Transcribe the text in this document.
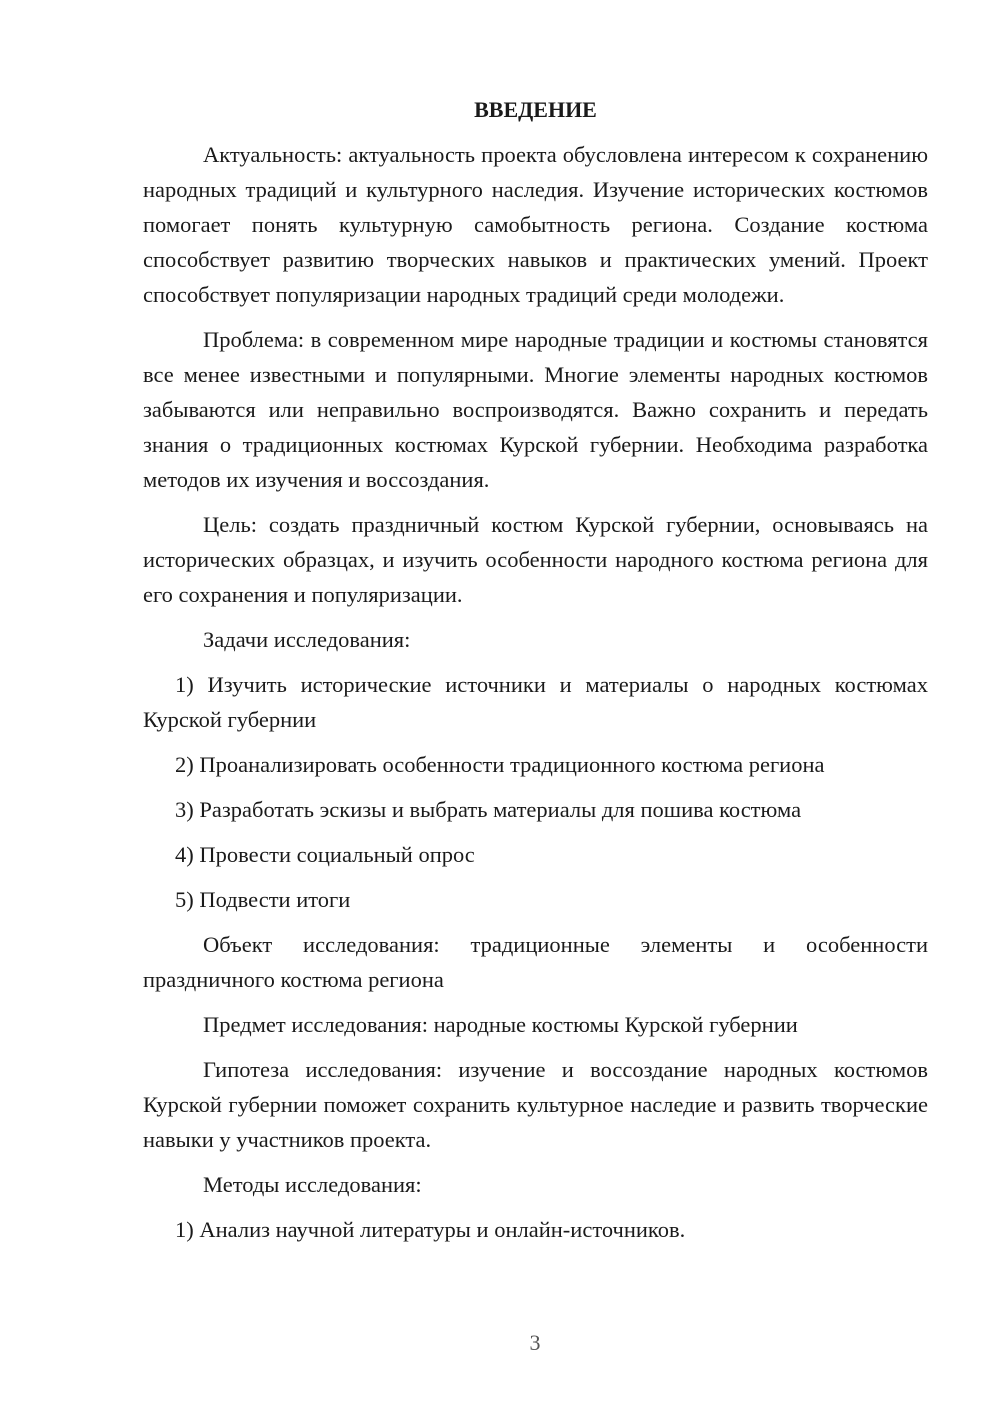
ВВЕДЕНИЕ

Актуальность: актуальность проекта обусловлена интересом к сохранению народных традиций и культурного наследия. Изучение исторических костюмов помогает понять культурную самобытность региона. Создание костюма способствует развитию творческих навыков и практических умений. Проект способствует популяризации народных традиций среди молодежи.

Проблема: в современном мире народные традиции и костюмы становятся все менее известными и популярными. Многие элементы народных костюмов забываются или неправильно воспроизводятся. Важно сохранить и передать знания о традиционных костюмах Курской губернии. Необходима разработка методов их изучения и воссоздания.

Цель: создать праздничный костюм Курской губернии, основываясь на исторических образцах, и изучить особенности народного костюма региона для его сохранения и популяризации.

Задачи исследования:

1) Изучить исторические источники и материалы о народных костюмах Курской губернии

2) Проанализировать особенности традиционного костюма региона

3) Разработать эскизы и выбрать материалы для пошива костюма

4) Провести социальный опрос

5) Подвести итоги

Объект исследования: традиционные элементы и особенности праздничного костюма региона

Предмет исследования: народные костюмы Курской губернии

Гипотеза исследования: изучение и воссоздание народных костюмов Курской губернии поможет сохранить культурное наследие и развить творческие навыки у участников проекта.

Методы исследования:

1) Анализ научной литературы и онлайн-источников.

3
